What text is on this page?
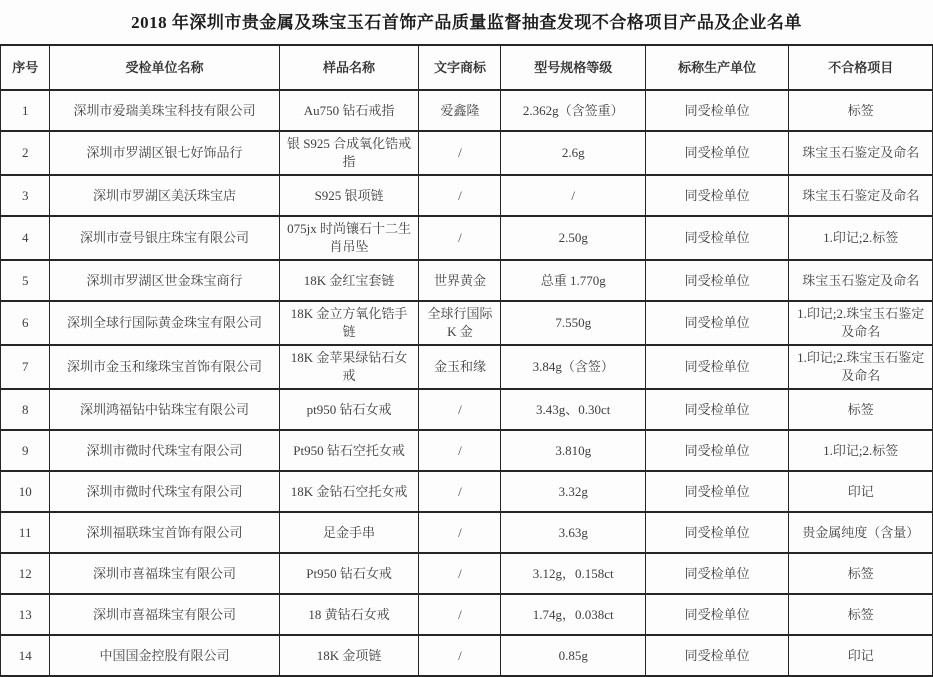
2018 年深圳市贵金属及珠宝玉石首饰产品质量监督抽查发现不合格项目产品及企业名单
序号	受检单位名称	样品名称	文字商标	型号规格等级	标称生产单位	不合格项目
1	深圳市爱瑞美珠宝科技有限公司	Au750 钻石戒指	爱鑫隆	2.362g（含签重）	同受检单位	标签
2	深圳市罗湖区银七好饰品行	银 S925 合成氧化锆戒指	/	2.6g	同受检单位	珠宝玉石鉴定及命名
3	深圳市罗湖区美沃珠宝店	S925 银项链	/	/	同受检单位	珠宝玉石鉴定及命名
4	深圳市壹号银庄珠宝有限公司	075jx 时尚镶石十二生肖吊坠	/	2.50g	同受检单位	1.印记;2.标签
5	深圳市罗湖区世金珠宝商行	18K 金红宝套链	世界黄金	总重 1.770g	同受检单位	珠宝玉石鉴定及命名
6	深圳全球行国际黄金珠宝有限公司	18K 金立方氧化锆手链	全球行国际K 金	7.550g	同受检单位	1.印记;2.珠宝玉石鉴定及命名
7	深圳市金玉和缘珠宝首饰有限公司	18K 金苹果绿钻石女戒	金玉和缘	3.84g（含签）	同受检单位	1.印记;2.珠宝玉石鉴定及命名
8	深圳鸿福钻中钻珠宝有限公司	pt950 钻石女戒	/	3.43g、0.30ct	同受检单位	标签
9	深圳市微时代珠宝有限公司	Pt950 钻石空托女戒	/	3.810g	同受检单位	1.印记;2.标签
10	深圳市微时代珠宝有限公司	18K 金钻石空托女戒	/	3.32g	同受检单位	印记
11	深圳福联珠宝首饰有限公司	足金手串	/	3.63g	同受检单位	贵金属纯度（含量）
12	深圳市喜福珠宝有限公司	Pt950 钻石女戒	/	3.12g，0.158ct	同受检单位	标签
13	深圳市喜福珠宝有限公司	18 黄钻石女戒	/	1.74g，0.038ct	同受检单位	标签
14	中国国金控股有限公司	18K 金项链	/	0.85g	同受检单位	印记
